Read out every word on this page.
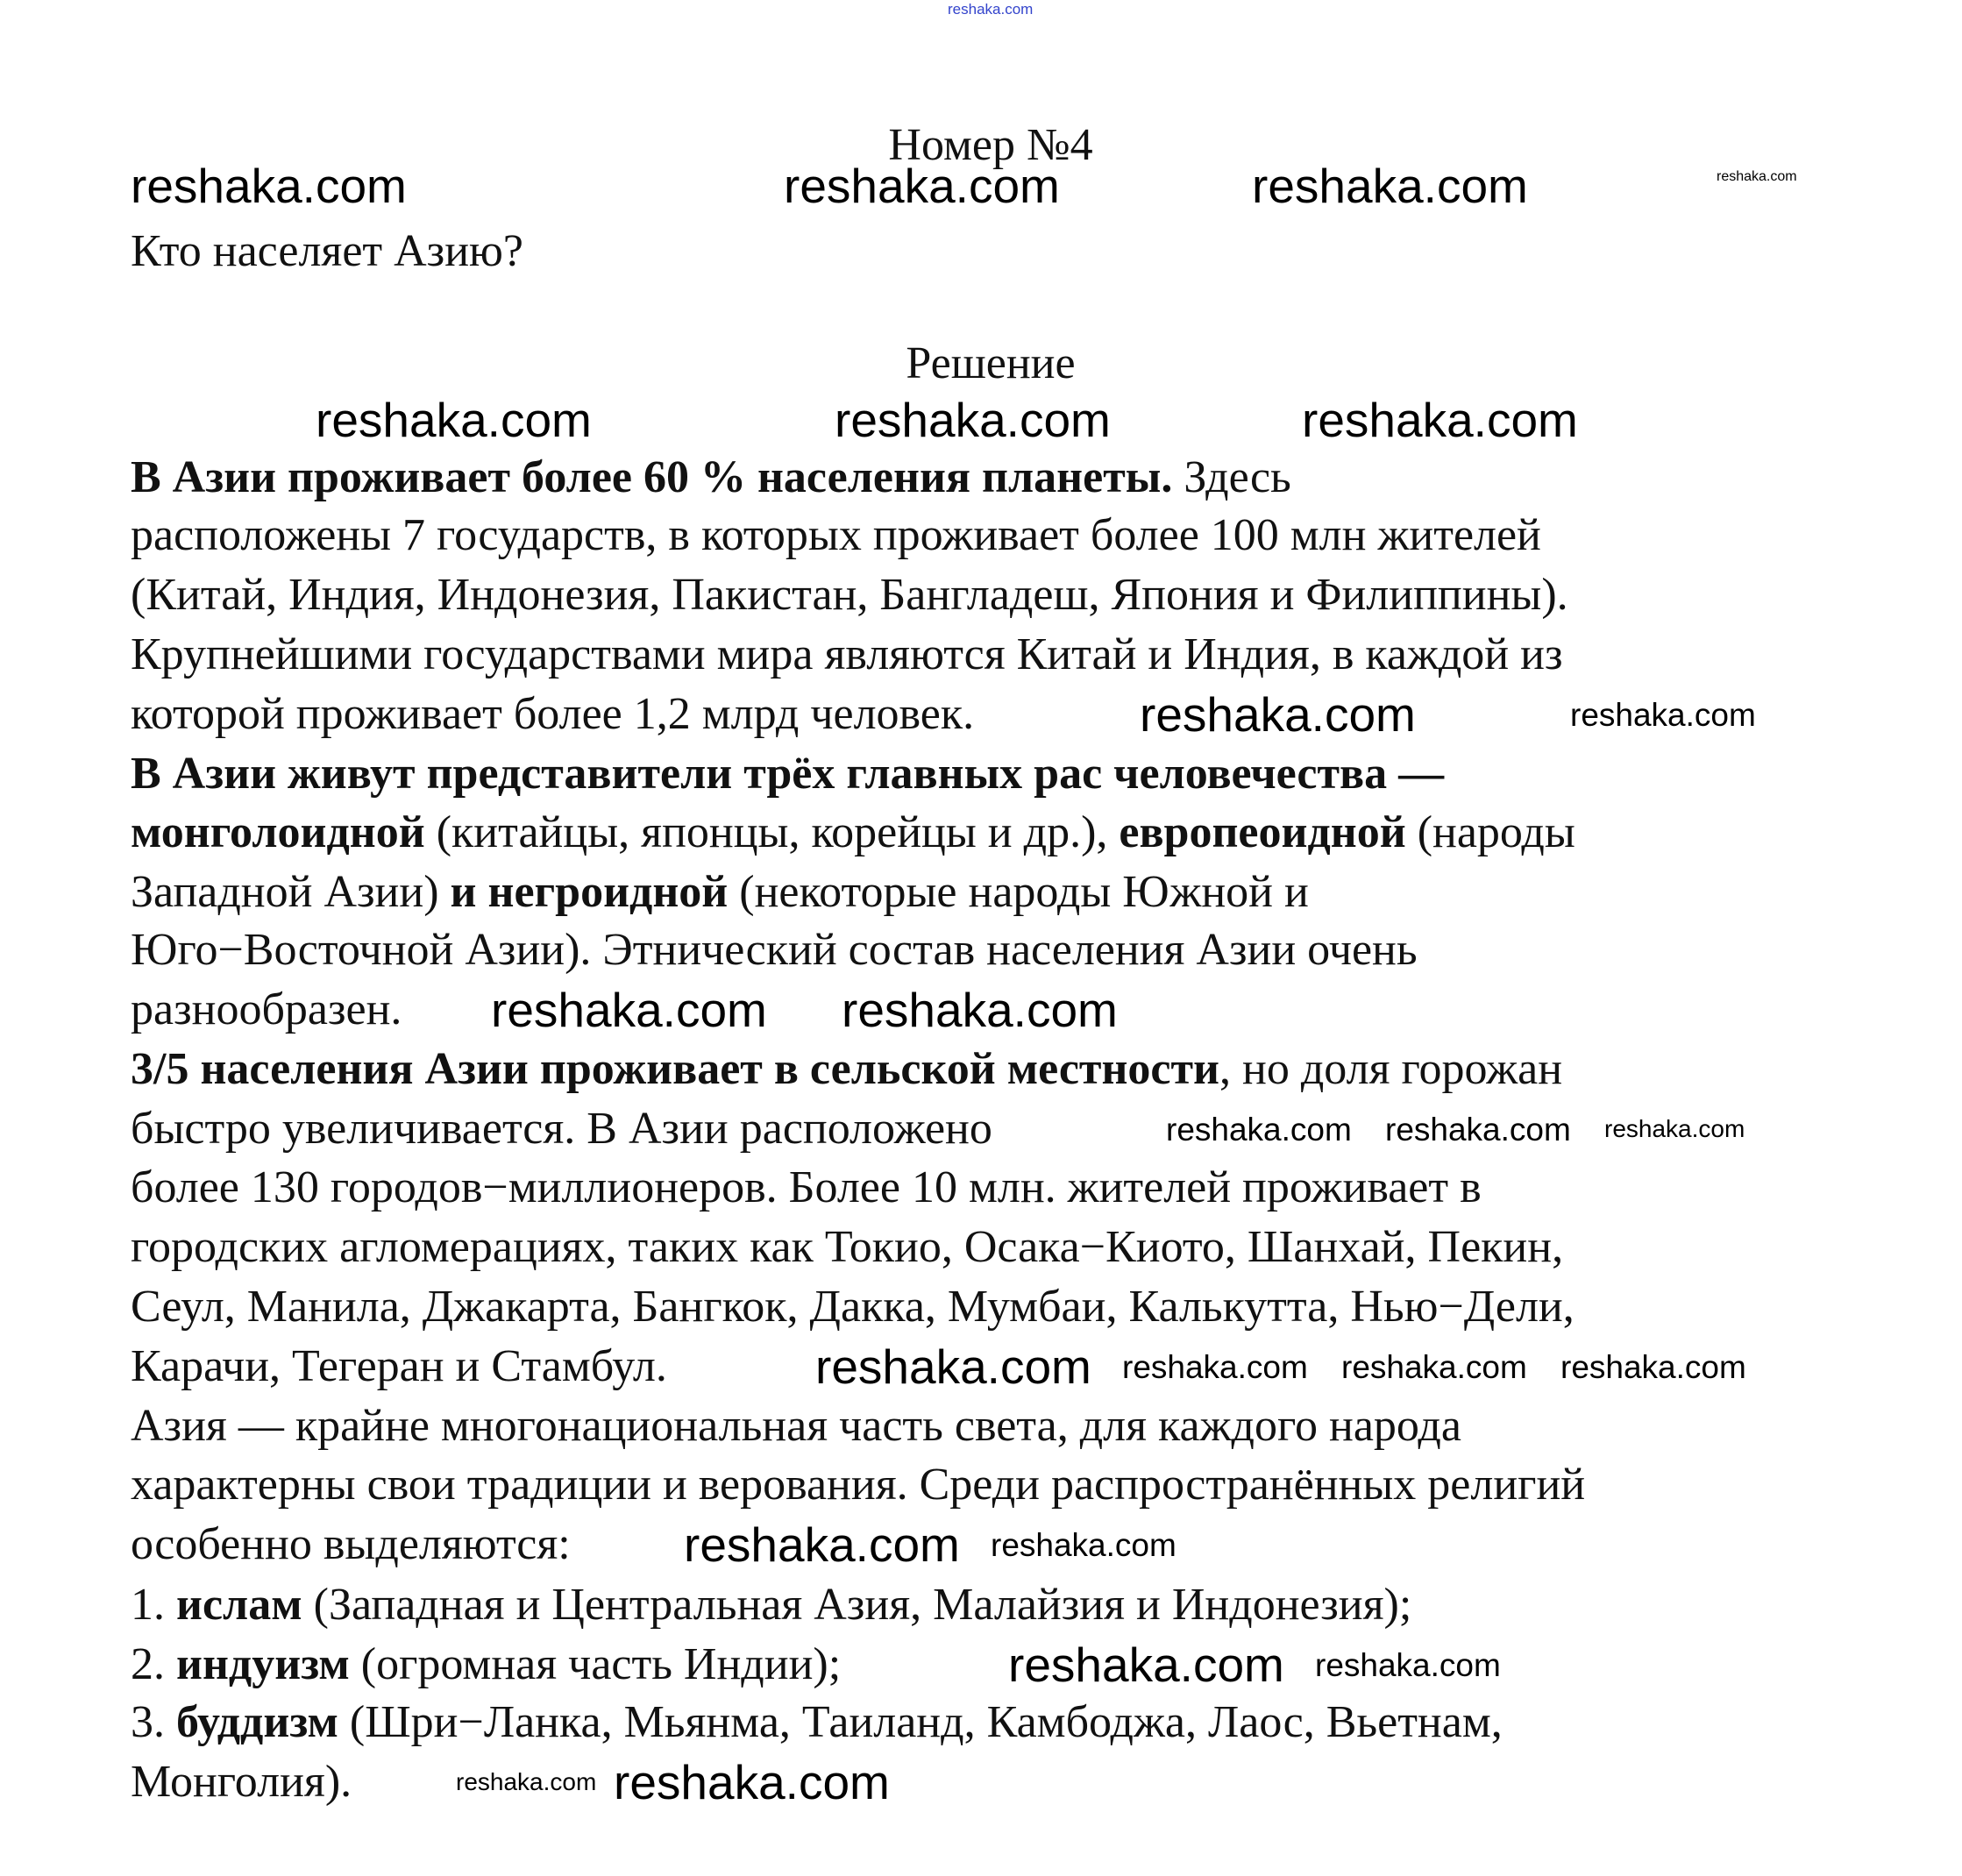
reshaka.com
Номер №4
Кто населяет Азию?
Решение
В Азии проживает более 60 % населения планеты. Здесь
расположены 7 государств, в которых проживает более 100 млн жителей
(Китай, Индия, Индонезия, Пакистан, Бангладеш, Япония и Филиппины).
Крупнейшими государствами мира являются Китай и Индия, в каждой из
которой проживает более 1,2 млрд человек.
В Азии живут представители трёх главных рас человечества —
монголоидной (китайцы, японцы, корейцы и др.), европеоидной (народы
Западной Азии) и негроидной (некоторые народы Южной и
Юго−Восточной Азии). Этнический состав населения Азии очень
разнообразен.
3/5 населения Азии проживает в сельской местности, но доля горожан
быстро увеличивается. В Азии расположено
более 130 городов−миллионеров. Более 10 млн. жителей проживает в
городских агломерациях, таких как Токио, Осака−Киото, Шанхай, Пекин,
Сеул, Манила, Джакарта, Бангкок, Дакка, Мумбаи, Калькутта, Нью−Дели,
Карачи, Тегеран и Стамбул.
Азия — крайне многонациональная часть света, для каждого народа
характерны свои традиции и верования. Среди распространённых религий
особенно выделяются:
1. ислам (Западная и Центральная Азия, Малайзия и Индонезия);
2. индуизм (огромная часть Индии);
3. буддизм (Шри−Ланка, Мьянма, Таиланд, Камбоджа, Лаос, Вьетнам,
Монголия).
reshaka.com
reshaka.com	reshaka.com	reshaka.com
reshaka.com	reshaka.com	reshaka.com
reshaka.com	reshaka.com
reshaka.com reshaka.com
reshaka.com reshaka.com reshaka.com
reshaka.com reshaka.com reshaka.com reshaka.com
reshaka.com reshaka.com
reshaka.com reshaka.com
reshaka.com reshaka.com
